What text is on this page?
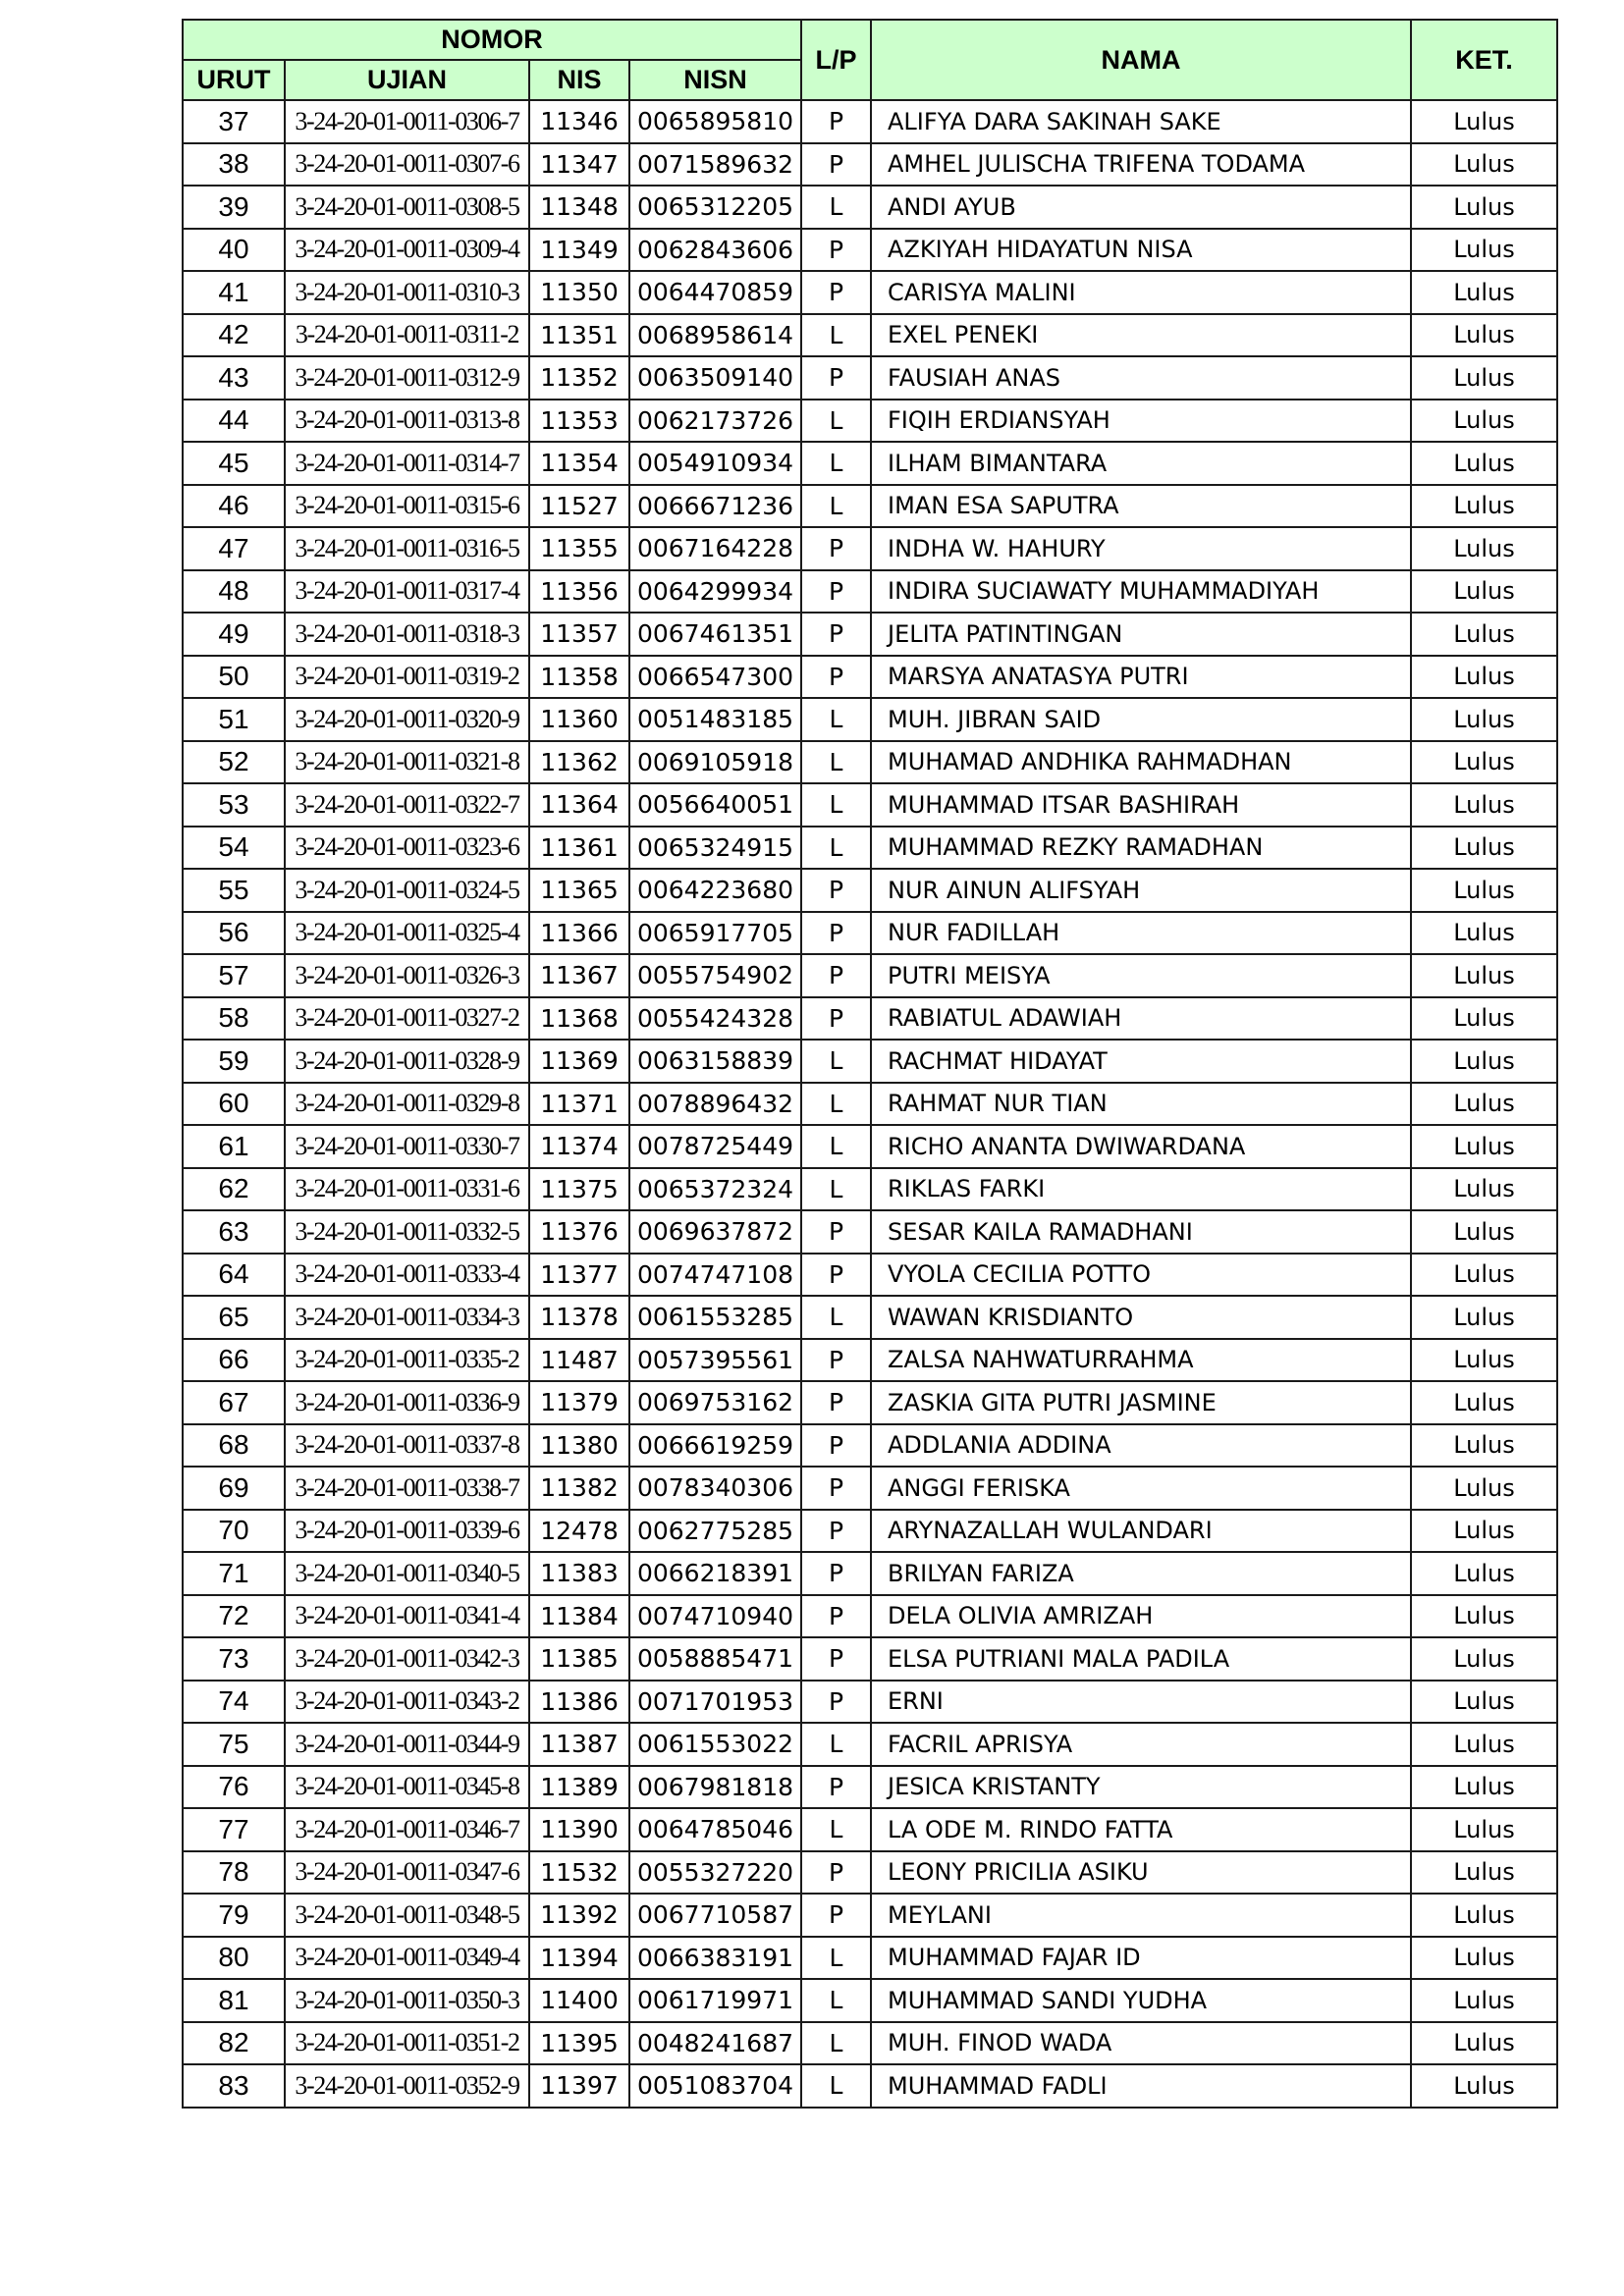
NOMOR				L/P	NAMA	KET.
URUT	UJIAN	NIS	NISN			
37	3-24-20-01-0011-0306-7	11346	0065895810	P	ALIFYA DARA SAKINAH SAKE	Lulus
38	3-24-20-01-0011-0307-6	11347	0071589632	P	AMHEL JULISCHA TRIFENA TODAMA	Lulus
39	3-24-20-01-0011-0308-5	11348	0065312205	L	ANDI AYUB	Lulus
40	3-24-20-01-0011-0309-4	11349	0062843606	P	AZKIYAH HIDAYATUN NISA	Lulus
41	3-24-20-01-0011-0310-3	11350	0064470859	P	CARISYA MALINI	Lulus
42	3-24-20-01-0011-0311-2	11351	0068958614	L	EXEL PENEKI	Lulus
43	3-24-20-01-0011-0312-9	11352	0063509140	P	FAUSIAH ANAS	Lulus
44	3-24-20-01-0011-0313-8	11353	0062173726	L	FIQIH ERDIANSYAH	Lulus
45	3-24-20-01-0011-0314-7	11354	0054910934	L	ILHAM BIMANTARA	Lulus
46	3-24-20-01-0011-0315-6	11527	0066671236	L	IMAN ESA SAPUTRA	Lulus
47	3-24-20-01-0011-0316-5	11355	0067164228	P	INDHA W. HAHURY	Lulus
48	3-24-20-01-0011-0317-4	11356	0064299934	P	INDIRA SUCIAWATY MUHAMMADIYAH	Lulus
49	3-24-20-01-0011-0318-3	11357	0067461351	P	JELITA PATINTINGAN	Lulus
50	3-24-20-01-0011-0319-2	11358	0066547300	P	MARSYA ANATASYA PUTRI	Lulus
51	3-24-20-01-0011-0320-9	11360	0051483185	L	MUH. JIBRAN SAID	Lulus
52	3-24-20-01-0011-0321-8	11362	0069105918	L	MUHAMAD ANDHIKA RAHMADHAN	Lulus
53	3-24-20-01-0011-0322-7	11364	0056640051	L	MUHAMMAD ITSAR BASHIRAH	Lulus
54	3-24-20-01-0011-0323-6	11361	0065324915	L	MUHAMMAD REZKY RAMADHAN	Lulus
55	3-24-20-01-0011-0324-5	11365	0064223680	P	NUR AINUN ALIFSYAH	Lulus
56	3-24-20-01-0011-0325-4	11366	0065917705	P	NUR FADILLAH	Lulus
57	3-24-20-01-0011-0326-3	11367	0055754902	P	PUTRI MEISYA	Lulus
58	3-24-20-01-0011-0327-2	11368	0055424328	P	RABIATUL ADAWIAH	Lulus
59	3-24-20-01-0011-0328-9	11369	0063158839	L	RACHMAT HIDAYAT	Lulus
60	3-24-20-01-0011-0329-8	11371	0078896432	L	RAHMAT NUR TIAN	Lulus
61	3-24-20-01-0011-0330-7	11374	0078725449	L	RICHO ANANTA DWIWARDANA	Lulus
62	3-24-20-01-0011-0331-6	11375	0065372324	L	RIKLAS FARKI	Lulus
63	3-24-20-01-0011-0332-5	11376	0069637872	P	SESAR KAILA RAMADHANI	Lulus
64	3-24-20-01-0011-0333-4	11377	0074747108	P	VYOLA CECILIA POTTO	Lulus
65	3-24-20-01-0011-0334-3	11378	0061553285	L	WAWAN KRISDIANTO	Lulus
66	3-24-20-01-0011-0335-2	11487	0057395561	P	ZALSA NAHWATURRAHMA	Lulus
67	3-24-20-01-0011-0336-9	11379	0069753162	P	ZASKIA GITA PUTRI JASMINE	Lulus
68	3-24-20-01-0011-0337-8	11380	0066619259	P	ADDLANIA ADDINA	Lulus
69	3-24-20-01-0011-0338-7	11382	0078340306	P	ANGGI FERISKA	Lulus
70	3-24-20-01-0011-0339-6	12478	0062775285	P	ARYNAZALLAH WULANDARI	Lulus
71	3-24-20-01-0011-0340-5	11383	0066218391	P	BRILYAN FARIZA	Lulus
72	3-24-20-01-0011-0341-4	11384	0074710940	P	DELA OLIVIA AMRIZAH	Lulus
73	3-24-20-01-0011-0342-3	11385	0058885471	P	ELSA PUTRIANI MALA PADILA	Lulus
74	3-24-20-01-0011-0343-2	11386	0071701953	P	ERNI	Lulus
75	3-24-20-01-0011-0344-9	11387	0061553022	L	FACRIL APRISYA	Lulus
76	3-24-20-01-0011-0345-8	11389	0067981818	P	JESICA KRISTANTY	Lulus
77	3-24-20-01-0011-0346-7	11390	0064785046	L	LA ODE M. RINDO FATTA	Lulus
78	3-24-20-01-0011-0347-6	11532	0055327220	P	LEONY PRICILIA ASIKU	Lulus
79	3-24-20-01-0011-0348-5	11392	0067710587	P	MEYLANI	Lulus
80	3-24-20-01-0011-0349-4	11394	0066383191	L	MUHAMMAD FAJAR ID	Lulus
81	3-24-20-01-0011-0350-3	11400	0061719971	L	MUHAMMAD SANDI YUDHA	Lulus
82	3-24-20-01-0011-0351-2	11395	0048241687	L	MUH. FINOD WADA	Lulus
83	3-24-20-01-0011-0352-9	11397	0051083704	L	MUHAMMAD FADLI	Lulus
